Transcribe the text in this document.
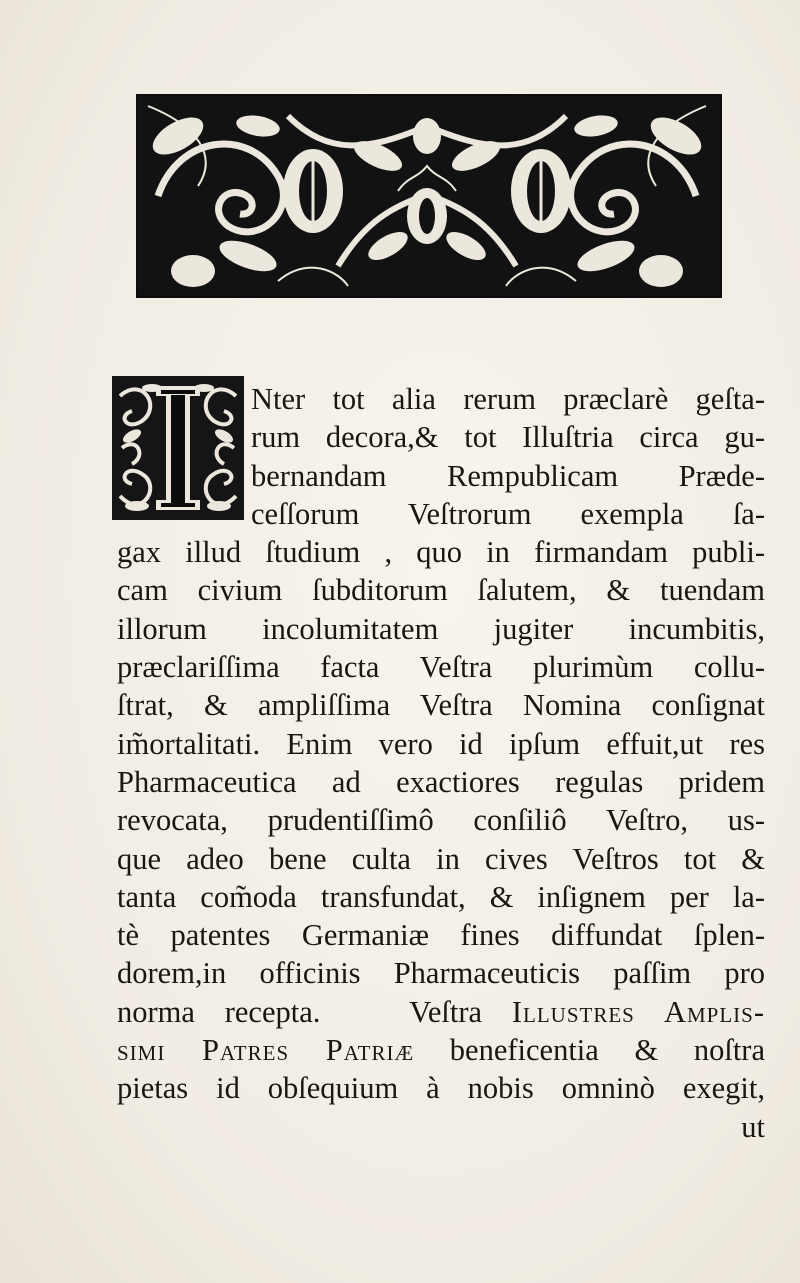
Nter tot alia rerum præclarè geſta-
rum decora,& tot Illuſtria circa gu-
bernandam Rempublicam Præde-
ceſſorum Veſtrorum exempla ſa-
gax illud ſtudium , quo in firmandam publi-
cam civium ſubditorum ſalutem, & tuendam
illorum incolumitatem jugiter incumbitis,
præclariſſima facta Veſtra plurimùm collu-
ſtrat, & ampliſſima Veſtra Nomina conſignat
im̃ortalitati. Enim vero id ipſum effuit,ut res
Pharmaceutica ad exactiores regulas pridem
revocata, prudentiſſimô conſiliô Veſtro, us-
que adeo bene culta in cives Veſtros tot &
tanta com̃oda transfundat, & inſignem per la-
tè patentes Germaniæ fines diffundat ſplen-
dorem,in officinis Pharmaceuticis paſſim pro
norma recepta.   Veſtra Illustres Amplis-
simi Patres Patriæ beneficentia & noſtra
pietas id obſequium à nobis omninò exegit,
ut
